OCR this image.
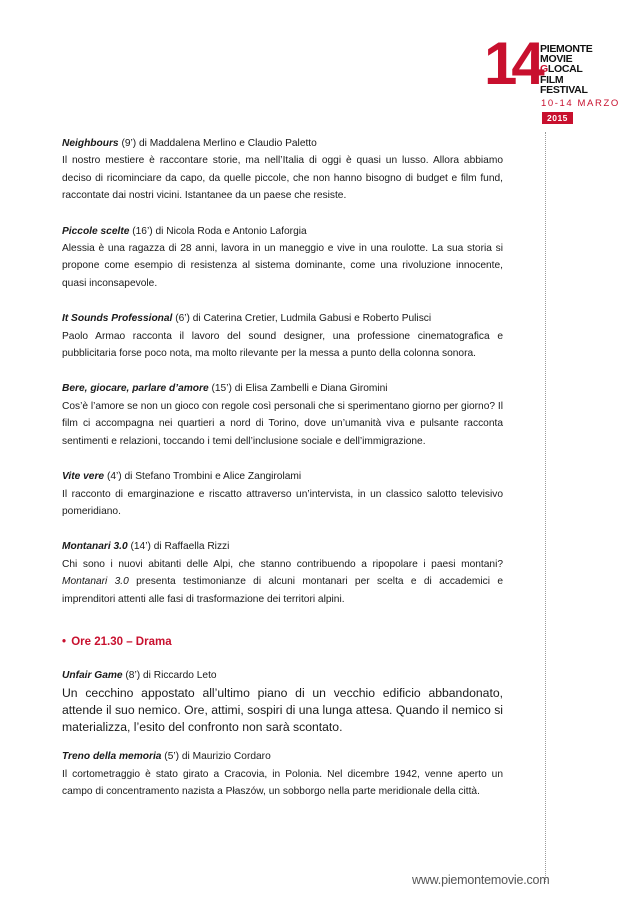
14 PIEMONTE
MOVIE
GLOCAL
FILM
FESTIVAL
10-14 MARZO
2015
Neighbours (9’) di Maddalena Merlino e Claudio Paletto
Il nostro mestiere è raccontare storie, ma nell’Italia di oggi è quasi un lusso. Allora abbiamo deciso di ricominciare da capo, da quelle piccole, che non hanno bisogno di budget e film fund, raccontate dai nostri vicini. Istantanee da un paese che resiste.
Piccole scelte (16’) di Nicola Roda e Antonio Laforgia
Alessia è una ragazza di 28 anni, lavora in un maneggio e vive in una roulotte. La sua storia si propone come esempio di resistenza al sistema dominante, come una rivoluzione innocente, quasi inconsapevole.
It Sounds Professional (6’) di Caterina Cretier, Ludmila Gabusi e Roberto Pulisci
Paolo Armao racconta il lavoro del sound designer, una professione cinematografica e pubblicitaria forse poco nota, ma molto rilevante per la messa a punto della colonna sonora.
Bere, giocare, parlare d’amore (15’) di Elisa Zambelli e Diana Giromini
Cos’è l’amore se non un gioco con regole così personali che si sperimentano giorno per giorno? Il film ci accompagna nei quartieri a nord di Torino, dove un’umanità viva e pulsante racconta sentimenti e relazioni, toccando i temi dell’inclusione sociale e dell’immigrazione.
Vite vere (4’) di Stefano Trombini e Alice Zangirolami
Il racconto di emarginazione e riscatto attraverso un’intervista, in un classico salotto televisivo pomeridiano.
Montanari 3.0 (14’) di Raffaella Rizzi
Chi sono i nuovi abitanti delle Alpi, che stanno contribuendo a ripopolare i paesi montani? Montanari 3.0 presenta testimonianze di alcuni montanari per scelta e di accademici e imprenditori attenti alle fasi di trasformazione dei territori alpini.
• Ore 21.30 – Drama
Unfair Game (8’) di Riccardo Leto
Un cecchino appostato all’ultimo piano di un vecchio edificio abbandonato, attende il suo nemico. Ore, attimi, sospiri di una lunga attesa. Quando il nemico si materializza, l’esito del confronto non sarà scontato.
Treno della memoria (5’) di Maurizio Cordaro
Il cortometraggio è stato girato a Cracovia, in Polonia. Nel dicembre 1942, venne aperto un campo di concentramento nazista a Płaszów, un sobborgo nella parte meridionale della città.
www.piemontemovie.com
